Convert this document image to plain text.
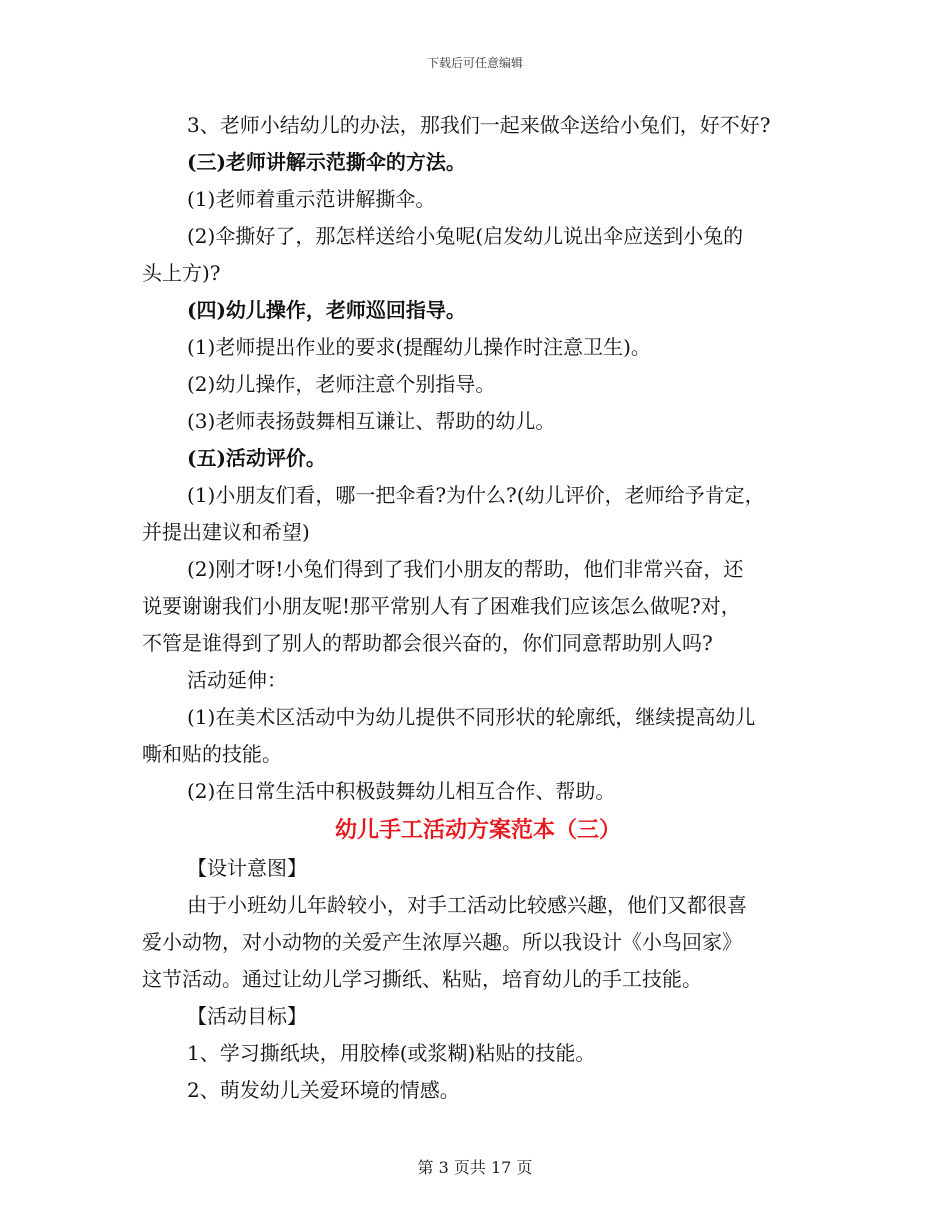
下载后可任意编辑

3、老师小结幼儿的办法，那我们一起来做伞送给小兔们，好不好?

(三)老师讲解示范撕伞的方法。

(1)老师着重示范讲解撕伞。

(2)伞撕好了，那怎样送给小兔呢(启发幼儿说出伞应送到小兔的

头上方)?

(四)幼儿操作，老师巡回指导。

(1)老师提出作业的要求(提醒幼儿操作时注意卫生)。

(2)幼儿操作，老师注意个别指导。

(3)老师表扬鼓舞相互谦让、帮助的幼儿。

(五)活动评价。

(1)小朋友们看，哪一把伞看?为什么?(幼儿评价，老师给予肯定，

并提出建议和希望)

(2)刚才呀!小兔们得到了我们小朋友的帮助，他们非常兴奋，还

说要谢谢我们小朋友呢!那平常别人有了困难我们应该怎么做呢?对，

不管是谁得到了别人的帮助都会很兴奋的，你们同意帮助别人吗?

活动延伸：

(1)在美术区活动中为幼儿提供不同形状的轮廓纸，继续提高幼儿

嘶和贴的技能。

(2)在日常生活中积极鼓舞幼儿相互合作、帮助。

幼儿手工活动方案范本（三）

【设计意图】

由于小班幼儿年龄较小，对手工活动比较感兴趣，他们又都很喜

爱小动物，对小动物的关爱产生浓厚兴趣。所以我设计《小鸟回家》

这节活动。通过让幼儿学习撕纸、粘贴，培育幼儿的手工技能。

【活动目标】

1、学习撕纸块，用胶棒(或浆糊)粘贴的技能。

2、萌发幼儿关爱环境的情感。

第 3 页共 17 页
